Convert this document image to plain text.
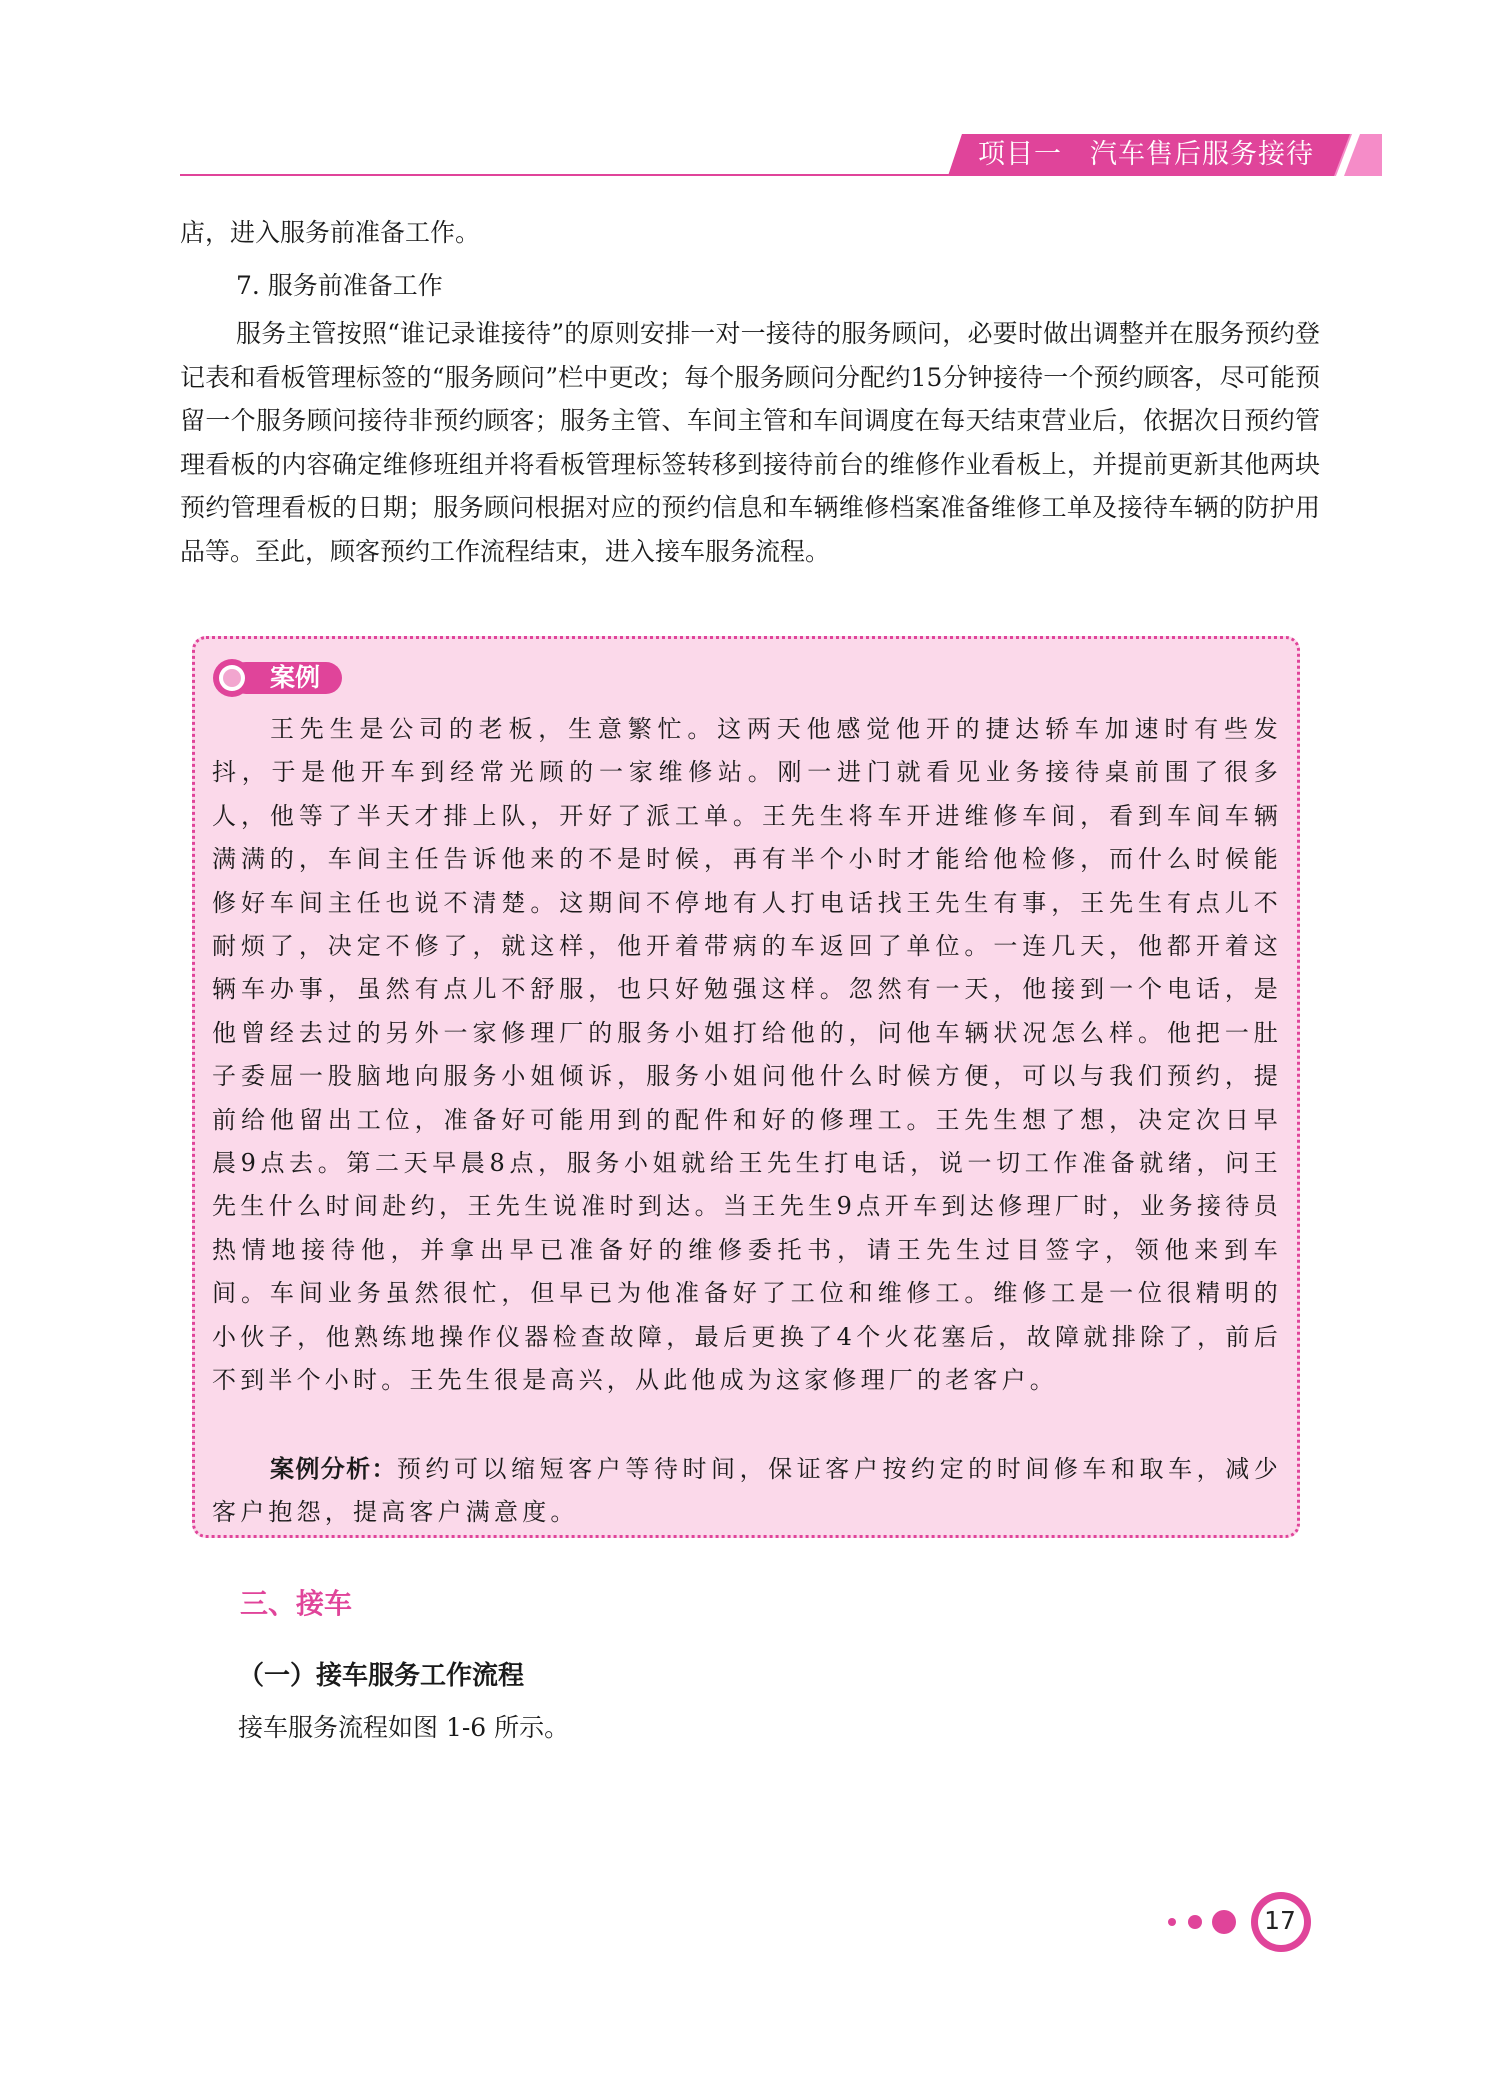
项目一　汽车售后服务接待

店，进入服务前准备工作。

7. 服务前准备工作

服务主管按照“谁记录谁接待”的原则安排一对一接待的服务顾问，必要时做出调整并在服务预约登记表和看板管理标签的“服务顾问”栏中更改；每个服务顾问分配约15分钟接待一个预约顾客，尽可能预留一个服务顾问接待非预约顾客；服务主管、车间主管和车间调度在每天结束营业后，依据次日预约管理看板的内容确定维修班组并将看板管理标签转移到接待前台的维修作业看板上，并提前更新其他两块预约管理看板的日期；服务顾问根据对应的预约信息和车辆维修档案准备维修工单及接待车辆的防护用品等。至此，顾客预约工作流程结束，进入接车服务流程。

案例

王先生是公司的老板，生意繁忙。这两天他感觉他开的捷达轿车加速时有些发抖，于是他开车到经常光顾的一家维修站。刚一进门就看见业务接待桌前围了很多人，他等了半天才排上队，开好了派工单。王先生将车开进维修车间，看到车间车辆满满的，车间主任告诉他来的不是时候，再有半个小时才能给他检修，而什么时候能修好车间主任也说不清楚。这期间不停地有人打电话找王先生有事，王先生有点儿不耐烦了，决定不修了，就这样，他开着带病的车返回了单位。一连几天，他都开着这辆车办事，虽然有点儿不舒服，也只好勉强这样。忽然有一天，他接到一个电话，是他曾经去过的另外一家修理厂的服务小姐打给他的，问他车辆状况怎么样。他把一肚子委屈一股脑地向服务小姐倾诉，服务小姐问他什么时候方便，可以与我们预约，提前给他留出工位，准备好可能用到的配件和好的修理工。王先生想了想，决定次日早晨9点去。第二天早晨8点，服务小姐就给王先生打电话，说一切工作准备就绪，问王先生什么时间赴约，王先生说准时到达。当王先生9点开车到达修理厂时，业务接待员热情地接待他，并拿出早已准备好的维修委托书，请王先生过目签字，领他来到车间。车间业务虽然很忙，但早已为他准备好了工位和维修工。维修工是一位很精明的小伙子，他熟练地操作仪器检查故障，最后更换了4个火花塞后，故障就排除了，前后不到半个小时。王先生很是高兴，从此他成为这家修理厂的老客户。

案例分析：预约可以缩短客户等待时间，保证客户按约定的时间修车和取车，减少客户抱怨，提高客户满意度。

三、接车
（一）接车服务工作流程
接车服务流程如图 1-6 所示。
17
